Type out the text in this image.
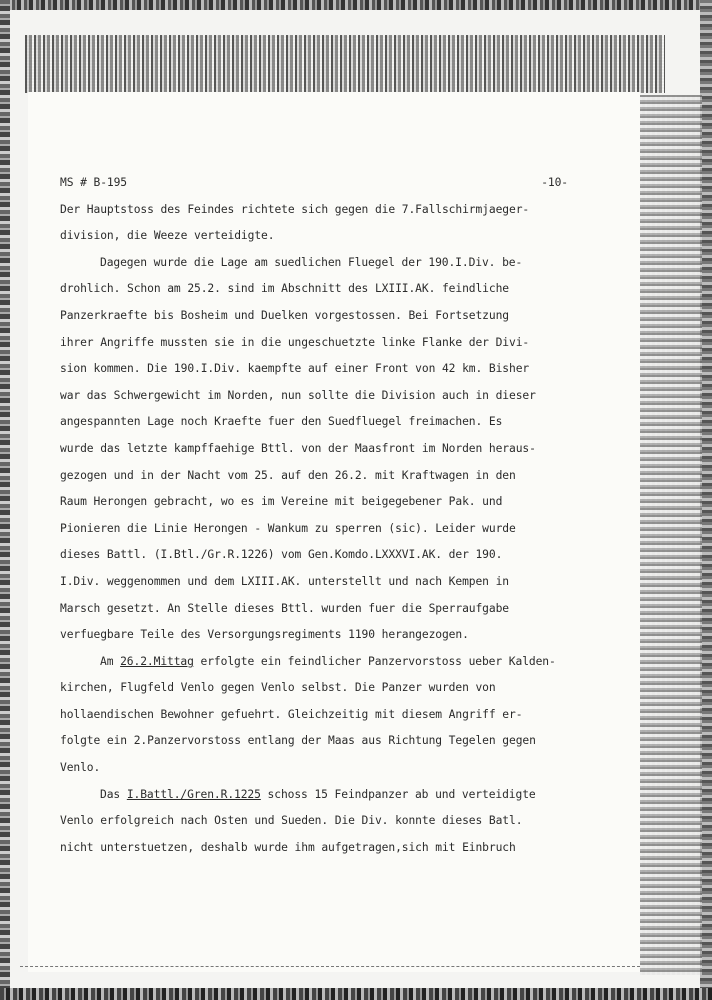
MS # B-195	-10-
Der Hauptstoss des Feindes richtete sich gegen die 7.Fallschirmjaeger-
division, die Weeze verteidigte.
Dagegen wurde die Lage am suedlichen Fluegel der 190.I.Div. be-
drohlich. Schon am 25.2. sind im Abschnitt des LXIII.AK. feindliche
Panzerkraefte bis Bosheim und Duelken vorgestossen. Bei Fortsetzung
ihrer Angriffe mussten sie in die ungeschuetzte linke Flanke der Divi-
sion kommen. Die 190.I.Div. kaempfte auf einer Front von 42 km. Bisher
war das Schwergewicht im Norden, nun sollte die Division auch in dieser
angespannten Lage noch Kraefte fuer den Suedfluegel freimachen. Es
wurde das letzte kampffaehige Bttl. von der Maasfront im Norden heraus-
gezogen und in der Nacht vom 25. auf den 26.2. mit Kraftwagen in den
Raum Herongen gebracht, wo es im Vereine mit beigegebener Pak. und
Pionieren die Linie Herongen - Wankum zu sperren (sic). Leider wurde
dieses Battl. (I.Btl./Gr.R.1226) vom Gen.Komdo.LXXXVI.AK. der 190.
I.Div. weggenommen und dem LXIII.AK. unterstellt und nach Kempen in
Marsch gesetzt. An Stelle dieses Bttl. wurden fuer die Sperraufgabe
verfuegbare Teile des Versorgungsregiments 1190 herangezogen.
Am 26.2.Mittag erfolgte ein feindlicher Panzervorstoss ueber Kalden-
kirchen, Flugfeld Venlo gegen Venlo selbst. Die Panzer wurden von
hollaendischen Bewohner gefuehrt. Gleichzeitig mit diesem Angriff er-
folgte ein 2.Panzervorstoss entlang der Maas aus Richtung Tegelen gegen
Venlo.
Das I.Battl./Gren.R.1225 schoss 15 Feindpanzer ab und verteidigte
Venlo erfolgreich nach Osten und Sueden. Die Div. konnte dieses Batl.
nicht unterstuetzen, deshalb wurde ihm aufgetragen,sich mit Einbruch
